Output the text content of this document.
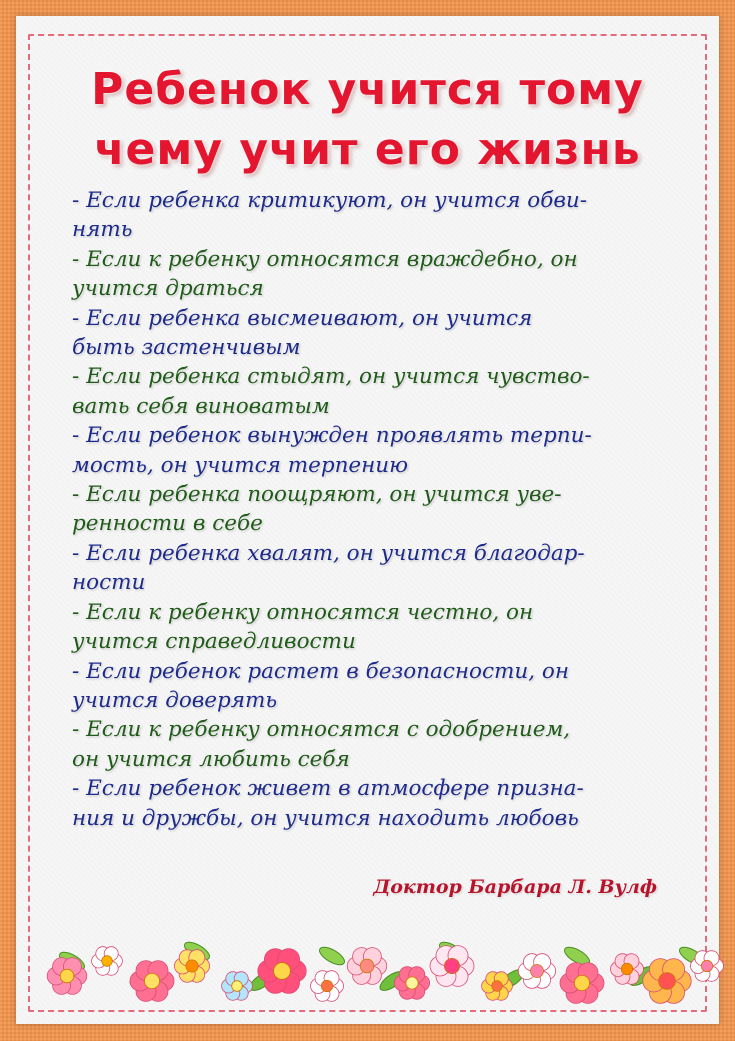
Ребенок учится тому
чему учит его жизнь
- Если ребенка критикуют, он учится обви-
нять
- Если к ребенку относятся враждебно, он
учится драться
- Если ребенка высмеивают, он учится
быть застенчивым
- Если ребенка стыдят, он учится чувство-
вать себя виноватым
- Если ребенок вынужден проявлять терпи-
мость, он учится терпению
- Если ребенка поощряют, он учится уве-
ренности в себе
- Если ребенка хвалят, он учится благодар-
ности
- Если к ребенку относятся честно, он
учится справедливости
- Если ребенок растет в безопасности, он
учится доверять
- Если к ребенку относятся с одобрением,
он учится любить себя
- Если ребенок живет в атмосфере призна-
ния и дружбы, он учится находить любовь
Доктор Барбара Л. Вулф
